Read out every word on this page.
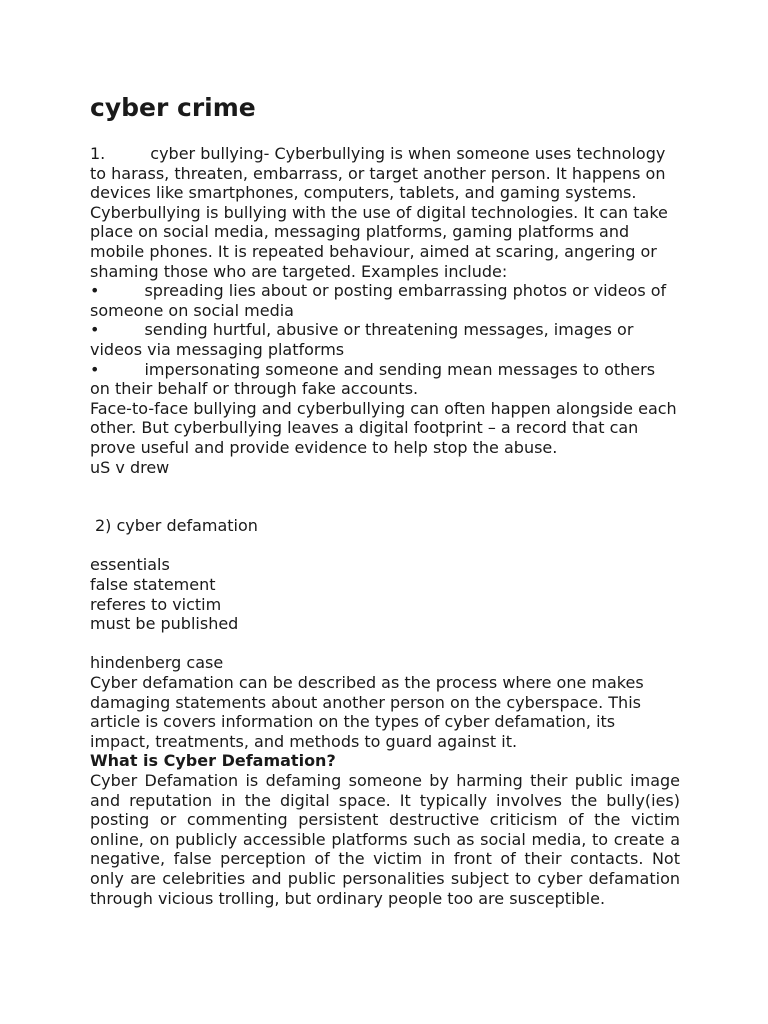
cyber crime

1.	cyber bullying- Cyberbullying is when someone uses technology to harass, threaten, embarrass, or target another person. It happens on devices like smartphones, computers, tablets, and gaming systems. Cyberbullying is bullying with the use of digital technologies. It can take place on social media, messaging platforms, gaming platforms and mobile phones. It is repeated behaviour, aimed at scaring, angering or shaming those who are targeted. Examples include:

•	spreading lies about or posting embarrassing photos or videos of someone on social media

•	sending hurtful, abusive or threatening messages, images or videos via messaging platforms

•	impersonating someone and sending mean messages to others on their behalf or through fake accounts.

Face-to-face bullying and cyberbullying can often happen alongside each other. But cyberbullying leaves a digital footprint – a record that can prove useful and provide evidence to help stop the abuse.

uS v drew

2) cyber defamation

essentials

false statement

referes to victim

must be published

hindenberg case

Cyber defamation can be described as the process where one makes damaging statements about another person on the cyberspace. This article is covers information on the types of cyber defamation, its impact, treatments, and methods to guard against it.

What is Cyber Defamation?

Cyber Defamation is defaming someone by harming their public image and reputation in the digital space. It typically involves the bully(ies) posting or commenting persistent destructive criticism of the victim online, on publicly accessible platforms such as social media, to create a negative, false perception of the victim in front of their contacts. Not only are celebrities and public personalities subject to cyber defamation through vicious trolling, but ordinary people too are susceptible.
